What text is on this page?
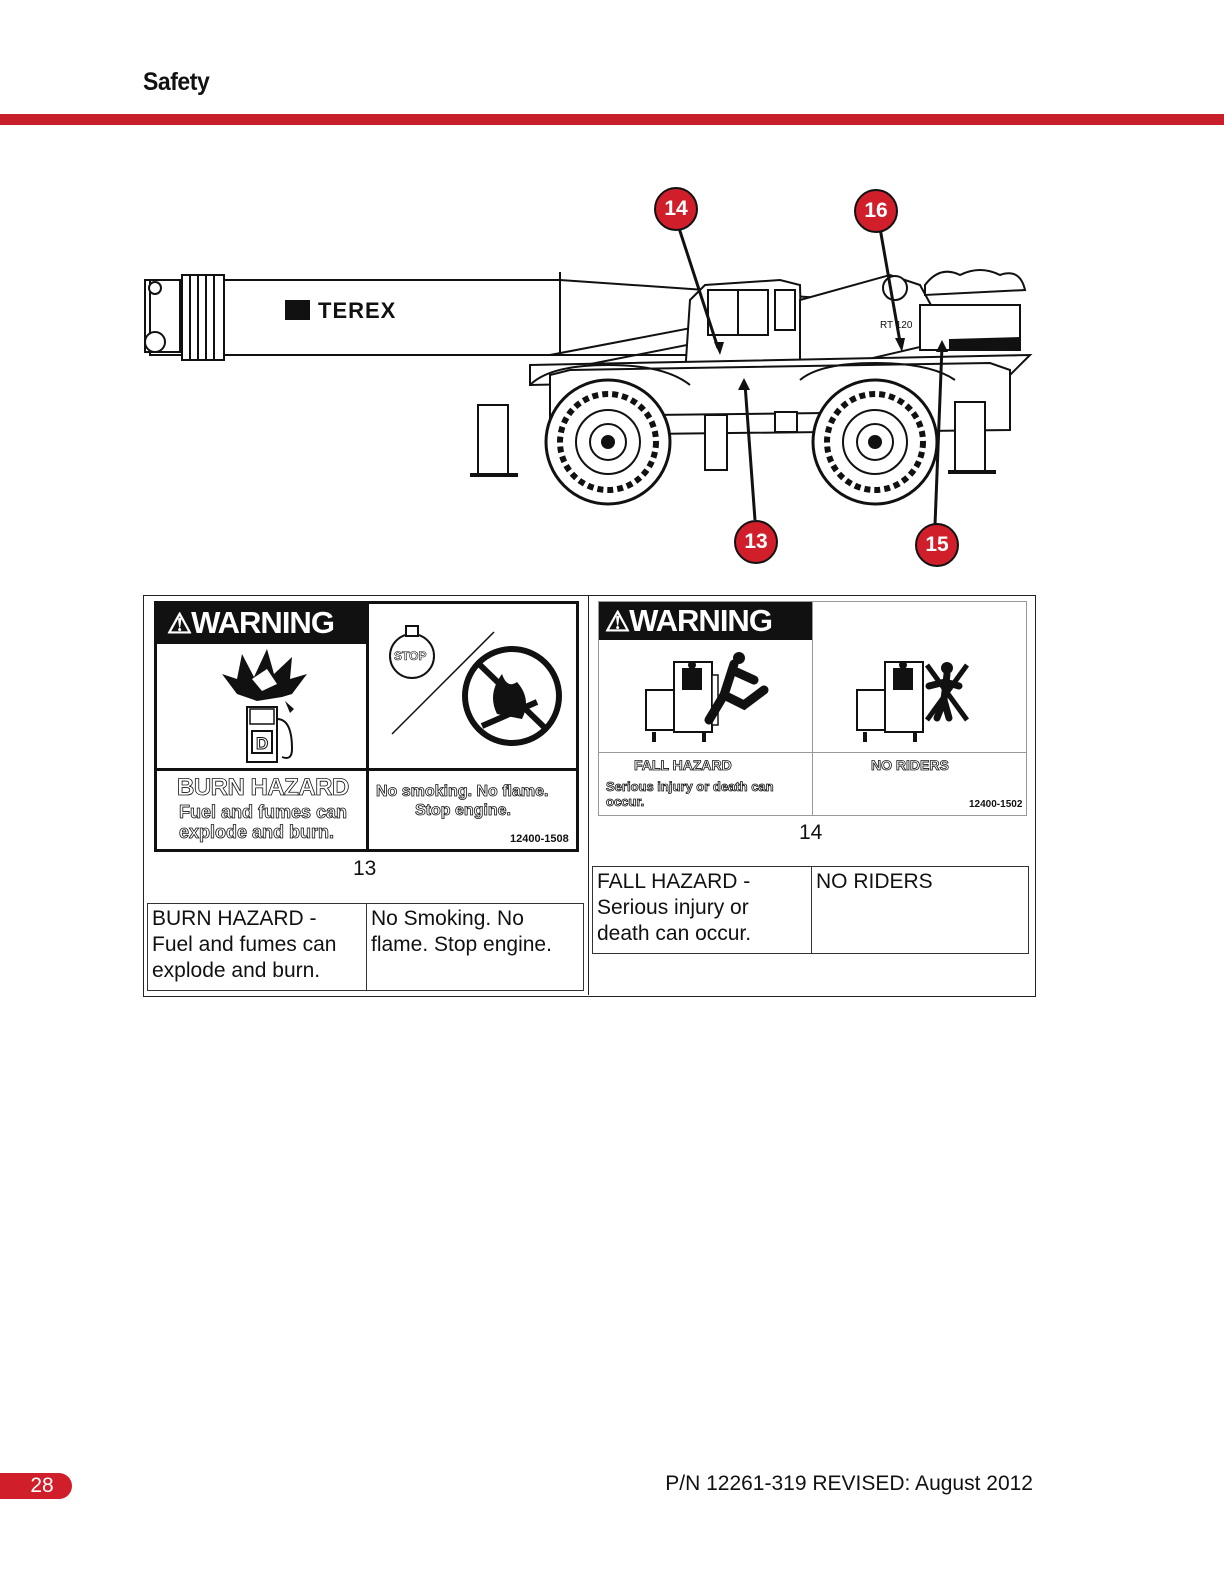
Safety
TEREX
RT 120
14	16
13	15
⚠WARNING
D
STOP
BURN HAZARD
Fuel and fumes can
explode and burn.
No smoking. No flame.
Stop engine.
12400-1508
13
BURN HAZARD -
Fuel and fumes can
explode and burn.

No Smoking. No
flame. Stop engine.
⚠WARNING
FALL HAZARD
Serious injury or death can
occur.
NO RIDERS
12400-1502
14
FALL HAZARD -
Serious injury or
death can occur.

NO RIDERS
28	P/N 12261-319 REVISED: August 2012
